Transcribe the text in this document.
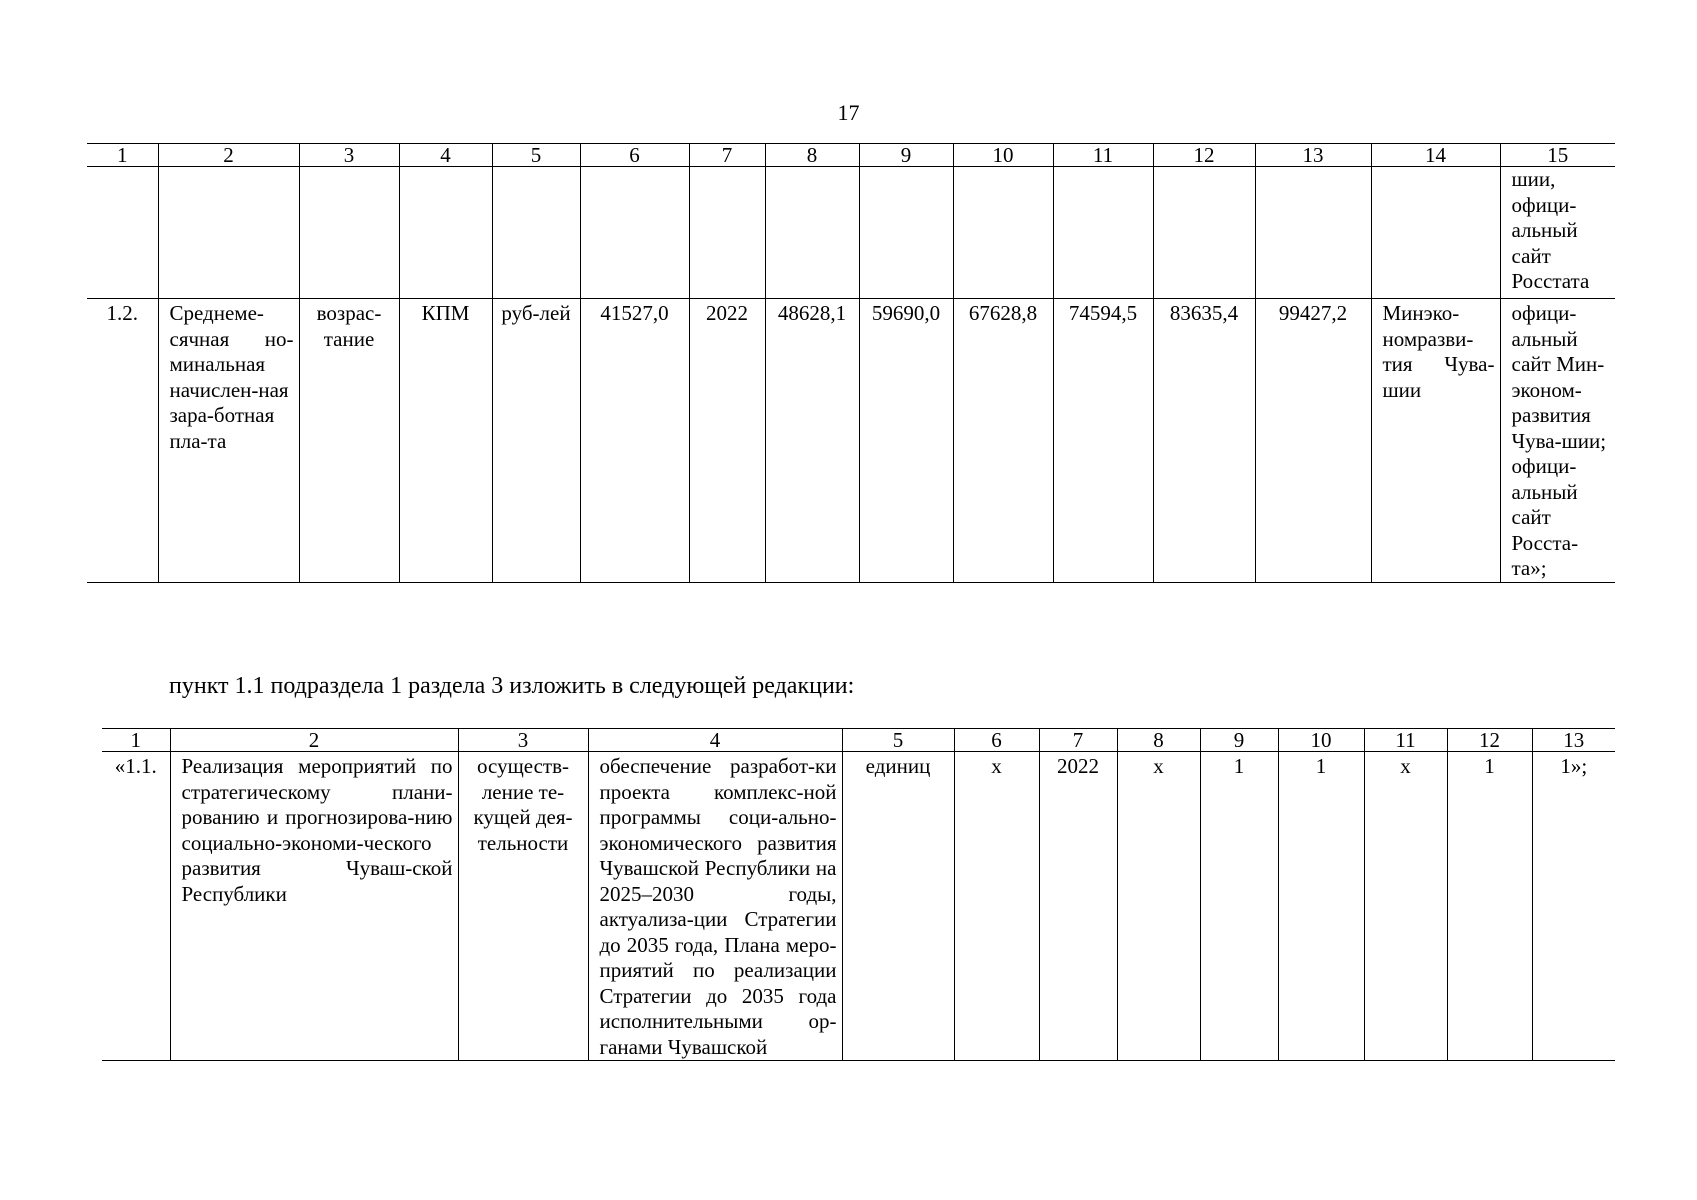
17
1	2	3	4	5	6	7	8	9	10	11	12	13	14	15
														шии, офици-альный сайт Росстата
1.2.	Среднеме-сячная но-минальная начислен-ная зара-ботная пла-та	возрас-тание	КПМ	руб-лей	41527,0	2022	48628,1	59690,0	67628,8	74594,5	83635,4	99427,2	Минэко-номразви-тия Чува-шии	офици-альный сайт Мин-эконом-развития Чува-шии; офици-альный сайт Росста-та»;
пункт 1.1 подраздела 1 раздела 3 изложить в следующей редакции:
1	2	3	4	5	6	7	8	9	10	11	12	13
«1.1.	Реализация мероприятий по стратегическому плани-рованию и прогнозирова-нию социально-экономи-ческого развития Чуваш-ской Республики	осуществ-ление те-кущей дея-тельности	обеспечение разработ-ки проекта комплекс-ной программы соци-ально-экономического развития Чувашской Республики на 2025–2030 годы, актуализа-ции Стратегии до 2035 года, Плана меро-приятий по реализации Стратегии до 2035 года исполнительными ор-ганами Чувашской	единиц	х	2022	х	1	1	х	1	1»;
